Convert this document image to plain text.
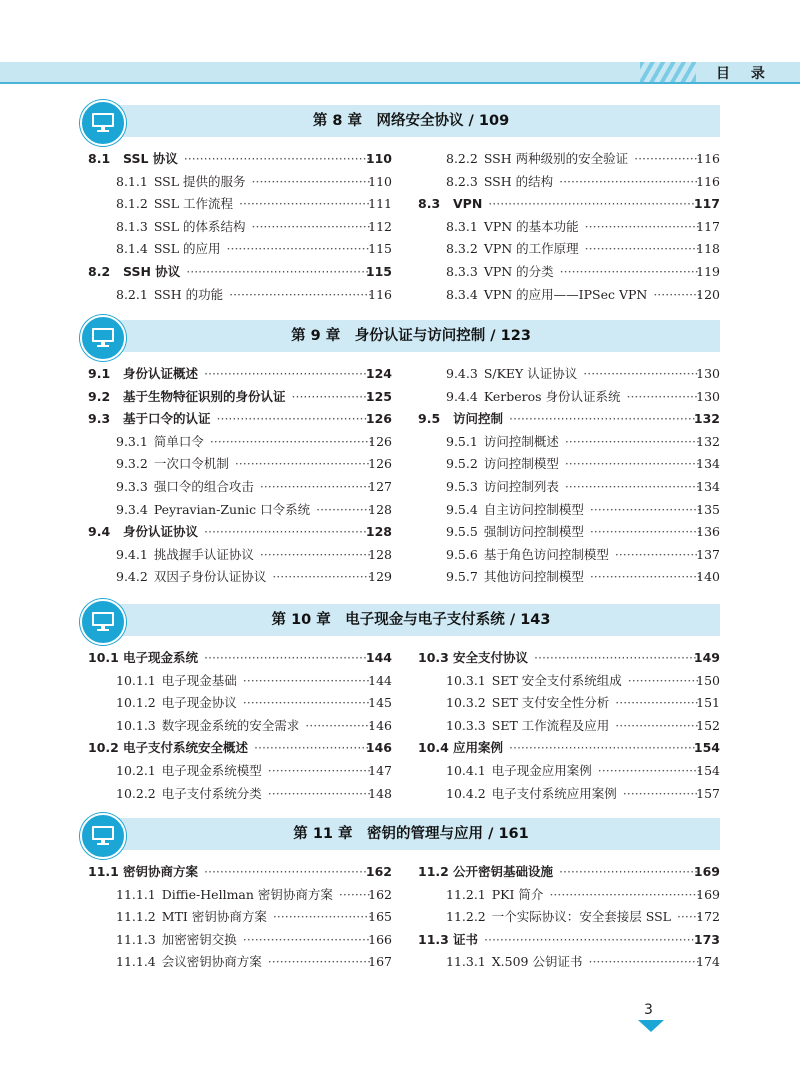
目 录
第 8 章　网络安全协议 / 109
8.1 SSL 协议 ···············································
110
8.1.1 SSL 提供的服务 ······························
110
8.1.2 SSL 工作流程 ·································
111
8.1.3 SSL 的体系结构 ······························
112
8.1.4 SSL 的应用 ····································
115
8.2 SSH 协议 ··············································
115
8.2.1 SSH 的功能 ····································
116
8.2.2 SSH 两种级别的安全验证 ·················
116
8.2.3 SSH 的结构 ···································
116
8.3 VPN ····················································
117
8.3.1 VPN 的基本功能 ·····························
117
8.3.2 VPN 的工作原理 ·····························
118
8.3.3 VPN 的分类 ···································
119
8.3.4 VPN 的应用——IPSec VPN ············
120
第 9 章　身份认证与访问控制 / 123
9.1 身份认证概述 ·········································
124
9.2 基于生物特征识别的身份认证 ····················
125
9.3 基于口令的认证 ······································
126
9.3.1 简单口令 ·········································
126
9.3.2 一次口令机制 ··································
126
9.3.3 强口令的组合攻击 ····························
127
9.3.4 Peyravian-Zunic 口令系统 ··············
128
9.4 身份认证协议 ·········································
128
9.4.1 挑战握手认证协议 ····························
128
9.4.2 双因子身份认证协议 ·························
129
9.4.3 S/KEY 认证协议 ·····························
130
9.4.4 Kerberos 身份认证系统 ··················
130
9.5 访问控制 ···············································
132
9.5.1 访问控制概述 ··································
132
9.5.2 访问控制模型 ··································
134
9.5.3 访问控制列表 ··································
134
9.5.4 自主访问控制模型 ····························
135
9.5.5 强制访问控制模型 ····························
136
9.5.6 基于角色访问控制模型 ·····················
137
9.5.7 其他访问控制模型 ····························
140
第 10 章　电子现金与电子支付系统 / 143
10.1 电子现金系统 ·········································
144
10.1.1 电子现金基础 ································
144
10.1.2 电子现金协议 ································
145
10.1.3 数字现金系统的安全需求 ·················
146
10.2 电子支付系统安全概述 ·····························
146
10.2.1 电子现金系统模型 ··························
147
10.2.2 电子支付系统分类 ··························
148
10.3 安全支付协议 ·········································
149
10.3.1 SET 安全支付系统组成 ··················
150
10.3.2 SET 支付安全性分析 ·····················
151
10.3.3 SET 工作流程及应用 ·····················
152
10.4 应用案例 ···············································
154
10.4.1 电子现金应用案例 ··························
154
10.4.2 电子支付系统应用案例 ···················
157
第 11 章　密钥的管理与应用 / 161
11.1 密钥协商方案 ·········································
162
11.1.1 Diffie-Hellman 密钥协商方案 ········
162
11.1.2 MTI 密钥协商方案 ·························
165
11.1.3 加密密钥交换 ································
166
11.1.4 会议密钥协商方案 ··························
167
11.2 公开密钥基础设施 ···································
169
11.2.1 PKI 简介 ······································
169
11.2.2 一个实际协议：安全套接层 SSL ······
172
11.3 证书 ····················································· 173
11.3.1 X.509 公钥证书 ····························
174
3
